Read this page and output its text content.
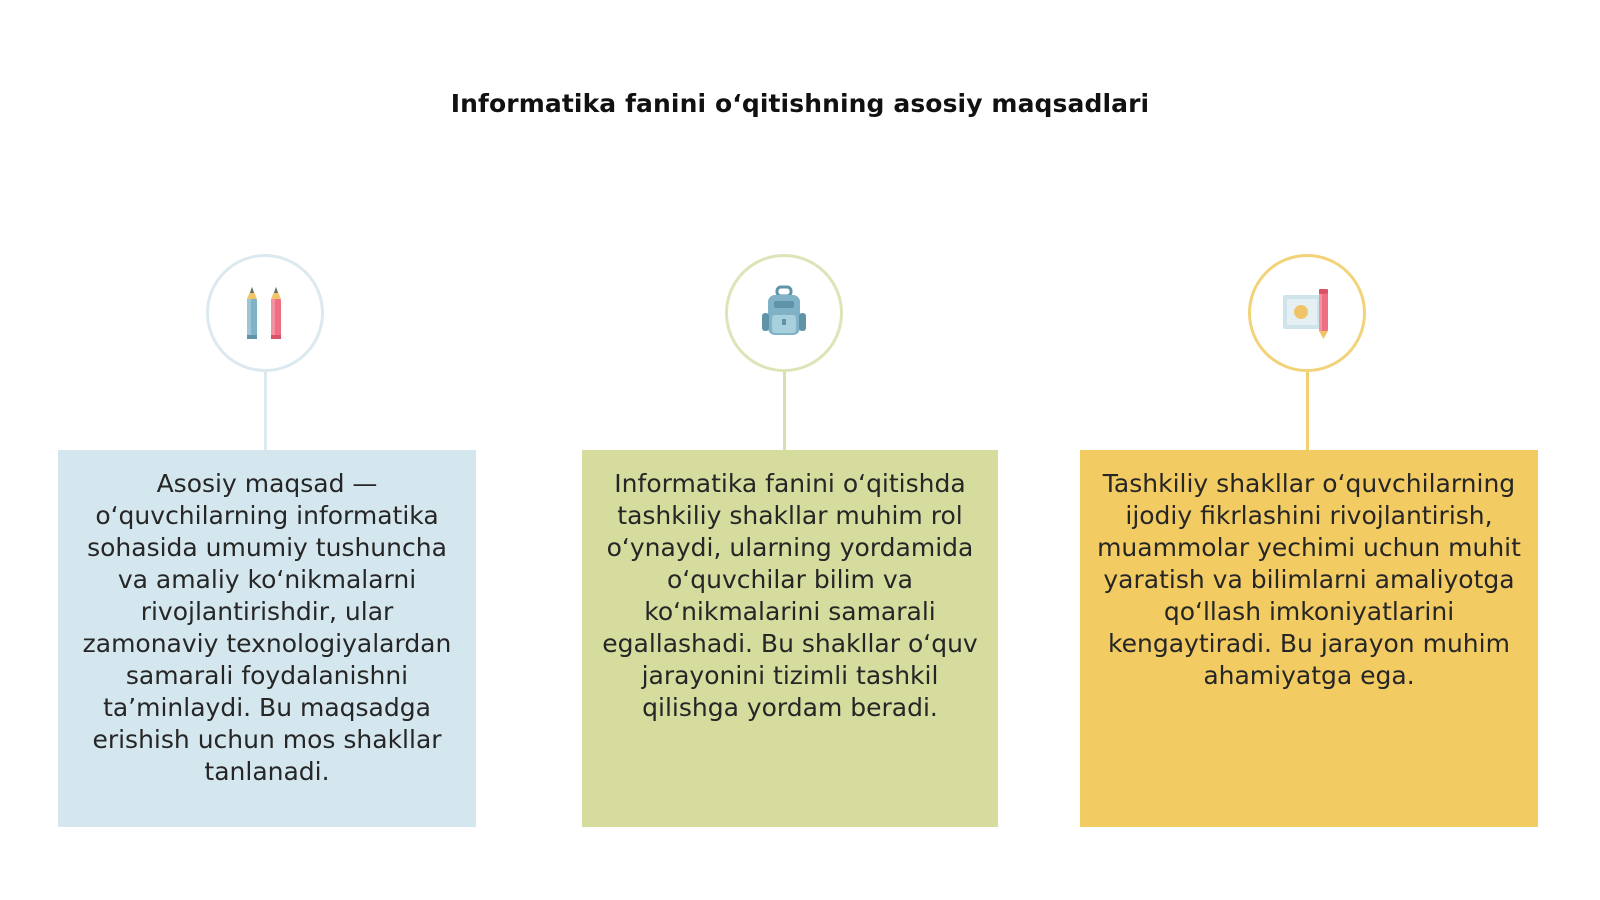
Informatika fanini o‘qitishning asosiy maqsadlari
Asosiy maqsad — o‘quvchilarning informatika sohasida umumiy tushuncha va amaliy ko‘nikmalarni rivojlantirishdir, ular zamonaviy texnologiyalardan samarali foydalanishni ta’minlaydi. Bu maqsadga erishish uchun mos shakllar tanlanadi.
Informatika fanini o‘qitishda tashkiliy shakllar muhim rol o‘ynaydi, ularning yordamida o‘quvchilar bilim va ko‘nikmalarini samarali egallashadi. Bu shakllar o‘quv jarayonini tizimli tashkil qilishga yordam beradi.
Tashkiliy shakllar o‘quvchilarning ijodiy fikrlashini rivojlantirish, muammolar yechimi uchun muhit yaratish va bilimlarni amaliyotga qo‘llash imkoniyatlarini kengaytiradi. Bu jarayon muhim ahamiyatga ega.
